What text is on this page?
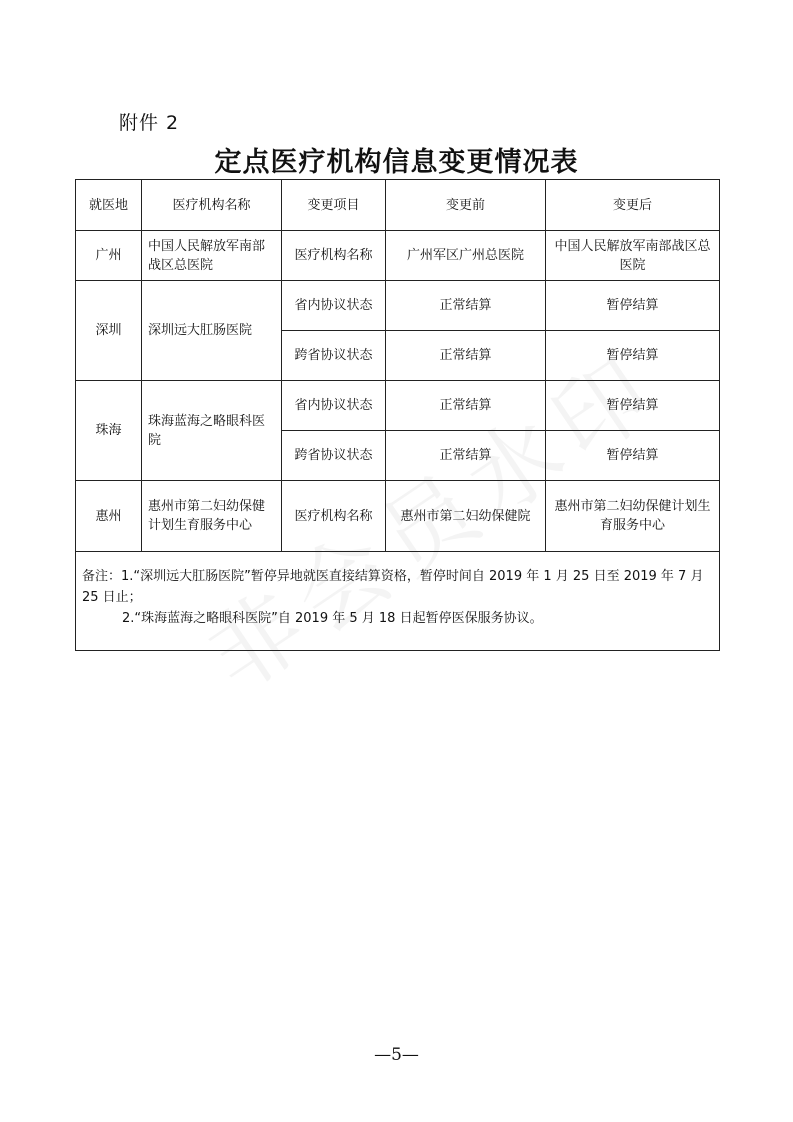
附件 2
定点医疗机构信息变更情况表
就医地	医疗机构名称	变更项目	变更前	变更后
广州	中国人民解放军南部战区总医院	医疗机构名称	广州军区广州总医院	中国人民解放军南部战区总医院
深圳	深圳远大肛肠医院	省内协议状态	正常结算	暂停结算
		跨省协议状态	正常结算	暂停结算
珠海	珠海蓝海之略眼科医院	省内协议状态	正常结算	暂停结算
		跨省协议状态	正常结算	暂停结算
惠州	惠州市第二妇幼保健计划生育服务中心	医疗机构名称	惠州市第二妇幼保健院	惠州市第二妇幼保健计划生育服务中心

备注：1.“深圳远大肛肠医院”暂停异地就医直接结算资格，暂停时间自 2019 年 1 月 25 日至 2019 年 7 月 25 日止；
2.“珠海蓝海之略眼科医院”自 2019 年 5 月 18 日起暂停医保服务协议。				
—5—
